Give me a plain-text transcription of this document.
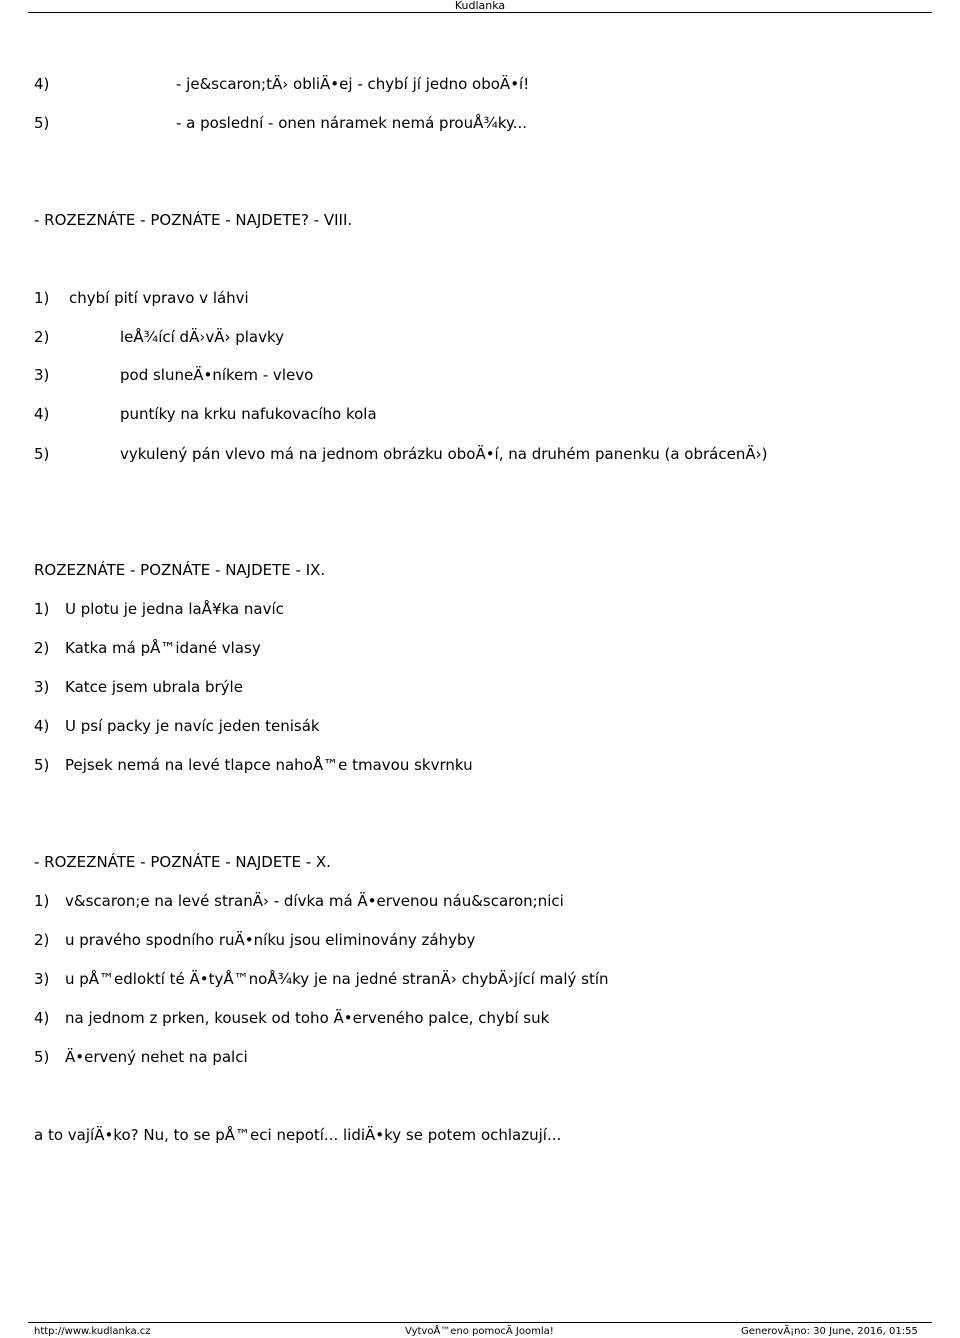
Kudlanka
4)	- je&scaron;tÄ› obliÄ•ej - chybí jí jedno oboÄ•í!
5)	- a poslední - onen náramek nemá prouÅ¾ky...
- ROZEZNÁTE - POZNÁTE - NAJDETE? - VIII.
1) chybí pití vpravo v láhvi
2)	leÅ¾ící dÄ›vÄ› plavky
3)	pod sluneÄ•níkem - vlevo
4)	puntíky na krku nafukovacího kola
5)	vykulený pán vlevo má na jednom obrázku oboÄ•í, na druhém panenku (a obrácenÄ›)
ROZEZNÁTE - POZNÁTE - NAJDETE - IX.
1) U plotu je jedna laÅ¥ka navíc
2) Katka má pÅ™idané vlasy
3) Katce jsem ubrala brýle
4) U psí packy je navíc jeden tenisák
5) Pejsek nemá na levé tlapce nahoÅ™e tmavou skvrnku
- ROZEZNÁTE - POZNÁTE - NAJDETE - X.
1) v&scaron;e na levé stranÄ› - dívka má Ä•ervenou náu&scaron;nici
2) u pravého spodního ruÄ•níku jsou eliminovány záhyby
3) u pÅ™edloktí té Ä•tyÅ™noÅ¾ky je na jedné stranÄ› chybÄ›jící malý stín
4) na jednom z prken, kousek od toho Ä•erveného palce, chybí suk
5) Ä•ervený nehet na palci
a to vajíÄ•ko? Nu, to se pÅ™eci nepotí... lidiÄ•ky se potem ochlazují...
http://www.kudlanka.cz	VytvoÅ™eno pomocÃ Joomla!	GenerovÃ¡no: 30 June, 2016, 01:55
